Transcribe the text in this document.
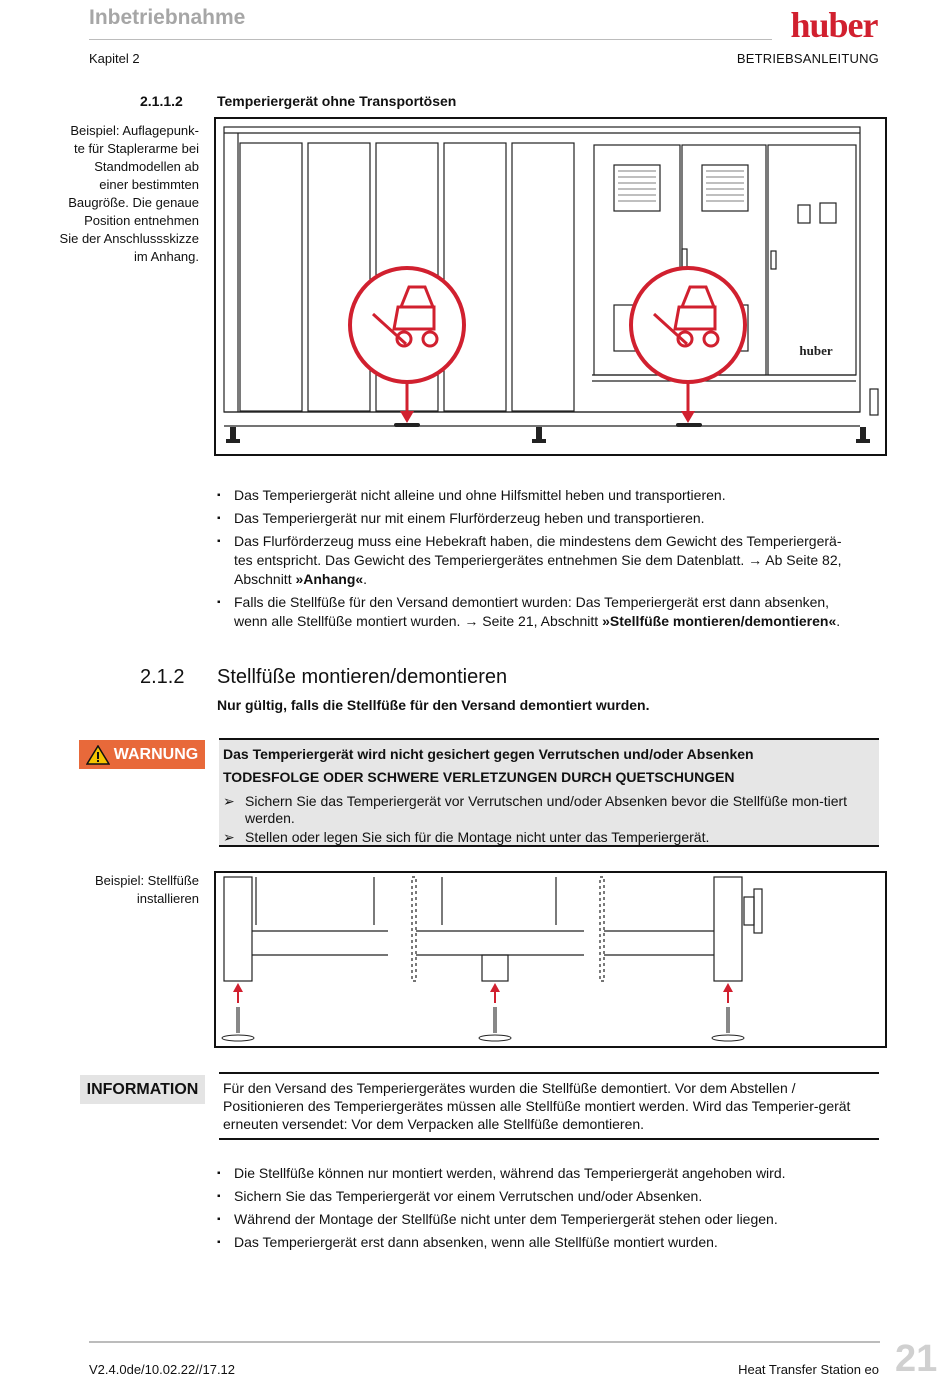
Inbetriebnahme
Kapitel 2	BETRIEBSANLEITUNG
huber
2.1.1.2 Temperiergerät ohne Transportösen
Beispiel: Auflagepunk-
te für Staplerarme bei
Standmodellen ab
einer bestimmten
Baugröße. Die genaue
Position entnehmen
Sie der Anschlussskizze
im Anhang.
huber
▪ Das Temperiergerät nicht alleine und ohne Hilfsmittel heben und transportieren.
▪ Das Temperiergerät nur mit einem Flurförderzeug heben und transportieren.
▪ Das Flurförderzeug muss eine Hebekraft haben, die mindestens dem Gewicht des Temperiergerä-
tes entspricht. Das Gewicht des Temperiergerätes entnehmen Sie dem Datenblatt. → Ab Seite 82,
Abschnitt »Anhang«.
▪ Falls die Stellfüße für den Versand demontiert wurden: Das Temperiergerät erst dann absenken,
wenn alle Stellfüße montiert wurden. → Seite 21, Abschnitt »Stellfüße montieren/demontieren«.
2.1.2 Stellfüße montieren/demontieren
Nur gültig, falls die Stellfüße für den Versand demontiert wurden.
WARNUNG Das Temperiergerät wird nicht gesichert gegen Verrutschen und/oder Absenken
TODESFOLGE ODER SCHWERE VERLETZUNGEN DURCH QUETSCHUNGEN
➢ Sichern Sie das Temperiergerät vor Verrutschen und/oder Absenken bevor die Stellfüße mon-tiert werden.
➢ Stellen oder legen Sie sich für die Montage nicht unter das Temperiergerät.
Beispiel: Stellfüße
installieren
INFORMATION	Für den Versand des Temperiergerätes wurden die Stellfüße demontiert. Vor dem Abstellen / Positionieren des Temperiergerätes müssen alle Stellfüße montiert werden. Wird das Temperier-gerät erneuten versendet: Vor dem Verpacken alle Stellfüße demontieren.
▪ Die Stellfüße können nur montiert werden, während das Temperiergerät angehoben wird.
▪ Sichern Sie das Temperiergerät vor einem Verrutschen und/oder Absenken.
▪ Während der Montage der Stellfüße nicht unter dem Temperiergerät stehen oder liegen.
▪ Das Temperiergerät erst dann absenken, wenn alle Stellfüße montiert wurden.
V2.4.0de/10.02.22//17.12	Heat Transfer Station eo 21
